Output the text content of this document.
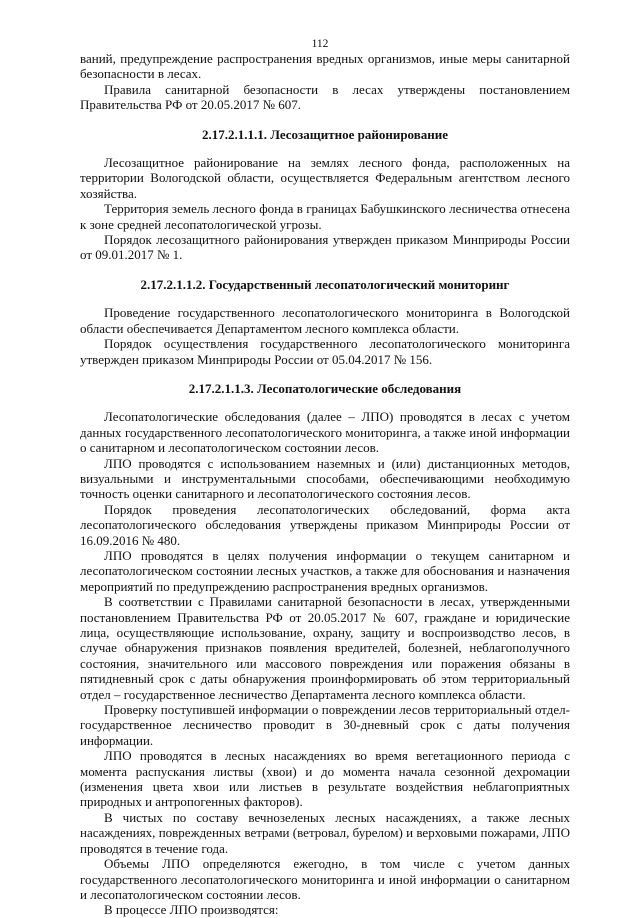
112

ваний, предупреждение распространения вредных организмов, иные меры санитарной безопасности в лесах.

Правила санитарной безопасности в лесах утверждены постановлением Правительства РФ от 20.05.2017 № 607.

2.17.2.1.1.1. Лесозащитное районирование

Лесозащитное районирование на землях лесного фонда, расположенных на территории Вологодской области, осуществляется Федеральным агентством лесного хозяйства.

Территория земель лесного фонда в границах Бабушкинского лесничества отнесена к зоне средней лесопатологической угрозы.

Порядок лесозащитного районирования утвержден приказом Минприроды России от 09.01.2017 № 1.

2.17.2.1.1.2. Государственный лесопатологический мониторинг

Проведение государственного лесопатологического мониторинга в Вологодской области обеспечивается Департаментом лесного комплекса области.

Порядок осуществления государственного лесопатологического мониторинга утвержден приказом Минприроды России от 05.04.2017 № 156.

2.17.2.1.1.3. Лесопатологические обследования

Лесопатологические обследования (далее – ЛПО) проводятся в лесах с учетом данных государственного лесопатологического мониторинга, а также иной информации о санитарном и лесопатологическом состоянии лесов.

ЛПО проводятся с использованием наземных и (или) дистанционных методов, визуальными и инструментальными способами, обеспечивающими необходимую точность оценки санитарного и лесопатологического состояния лесов.

Порядок проведения лесопатологических обследований, форма акта лесопатологического обследования утверждены приказом Минприроды России от 16.09.2016 № 480.

ЛПО проводятся в целях получения информации о текущем санитарном и лесопатологическом состоянии лесных участков, а также для обоснования и назначения мероприятий по предупреждению распространения вредных организмов.

В соответствии с Правилами санитарной безопасности в лесах, утвержденными постановлением Правительства РФ от 20.05.2017 № 607, граждане и юридические лица, осуществляющие использование, охрану, защиту и воспроизводство лесов, в случае обнаружения признаков появления вредителей, болезней, неблагополучного состояния, значительного или массового повреждения или поражения обязаны в пятидневный срок с даты обнаружения проинформировать об этом территориальный отдел – государственное лесничество Департамента лесного комплекса области.

Проверку поступившей информации о повреждении лесов территориальный отдел-государственное лесничество проводит в 30-дневный срок с даты получения информации.

ЛПО проводятся в лесных насаждениях во время вегетационного периода с момента распускания листвы (хвои) и до момента начала сезонной дехромации (изменения цвета хвои или листьев в результате воздействия неблагоприятных природных и антропогенных факторов).

В чистых по составу вечнозеленых лесных насаждениях, а также лесных насаждениях, поврежденных ветрами (ветровал, бурелом) и верховыми пожарами, ЛПО проводятся в течение года.

Объемы ЛПО определяются ежегодно, в том числе с учетом данных государственного лесопатологического мониторинга и иной информации о санитарном и лесопатологическом состоянии лесов.

В процессе ЛПО производятся:
